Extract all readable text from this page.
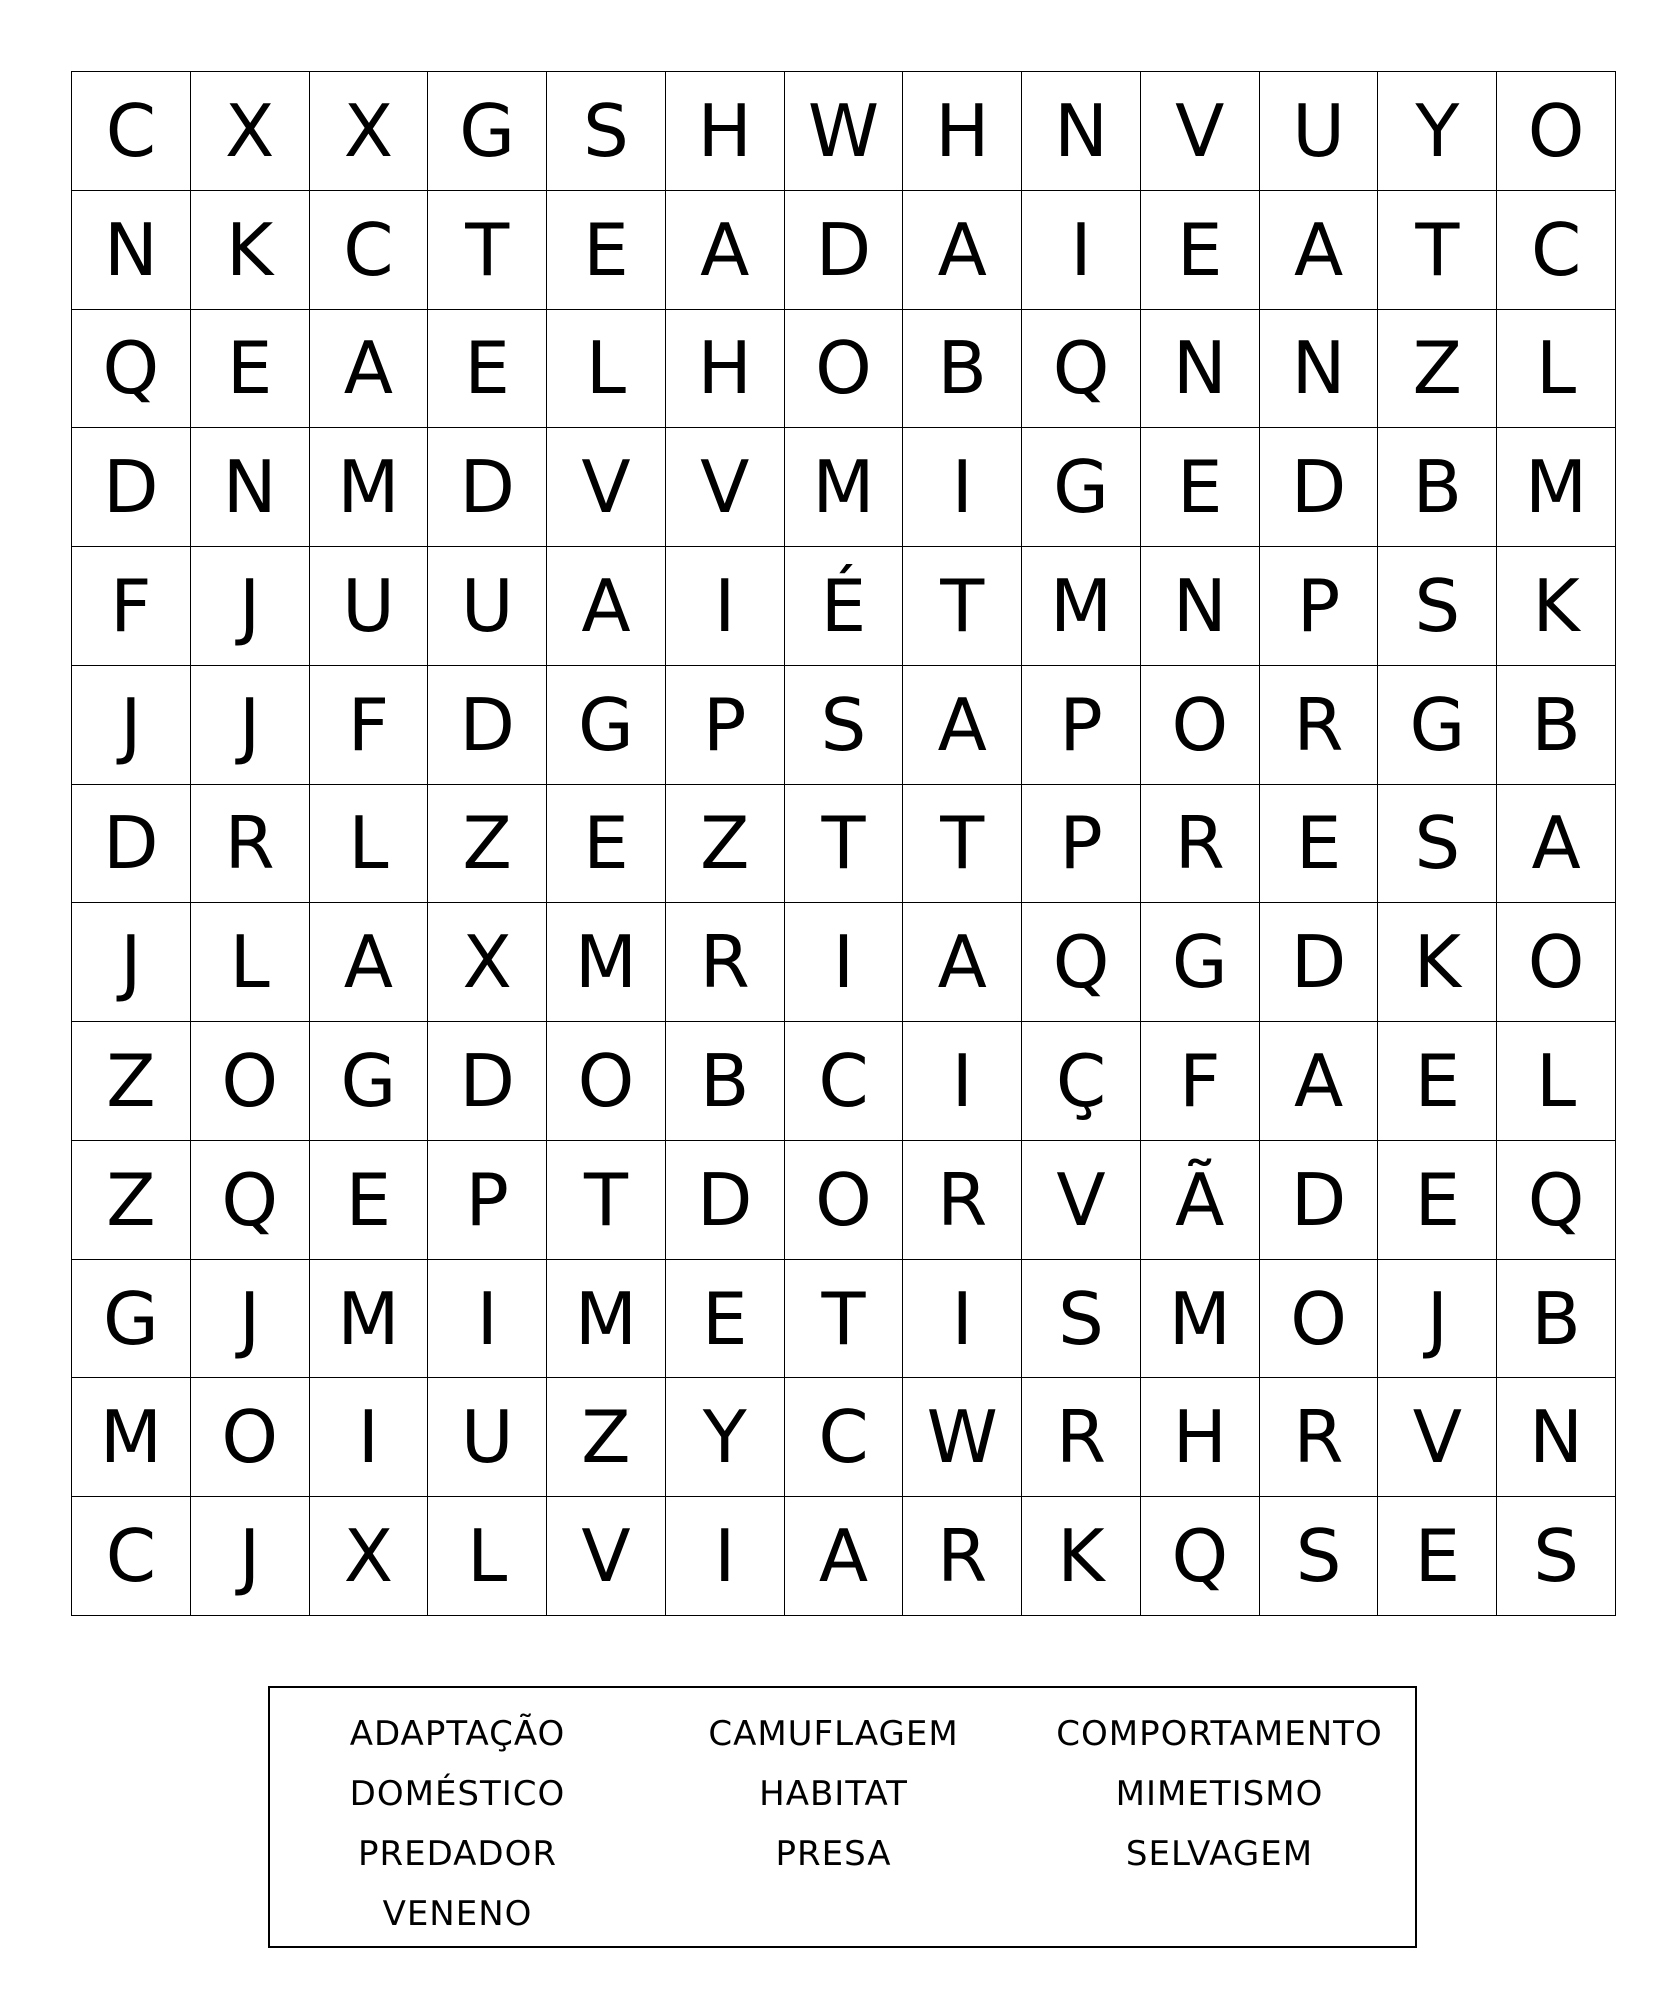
C X X G S H W H N V U Y O
N K C T	E A D A	I	E A	T C
Q E A E	L H O B Q N N Z	L
D N M D V V M	I	G E D B M
F	J	U U A	I	É	T M N P	S	K
J	J	F D G P	S A	P O R G B
D R	L	Z E Z	T	T	P	R E	S A
J	L	A X M R	I	A Q G D K O
Z O G D O B C	I	Ç	F	A E	L
Z Q E	P	T D O R V Ã D E Q
G	J	M	I	M E	T	I	S M O	J	B
M O	I	U Z	Y C W R H R V N
C	J	X	L	V	I	A R K Q S	E	S
ADAPTAÇÃO	CAMUFLAGEM	COMPORTAMENTO
DOMÉSTICO	HABITAT	MIMETISMO
PREDADOR	PRESA	SELVAGEM
VENENO
